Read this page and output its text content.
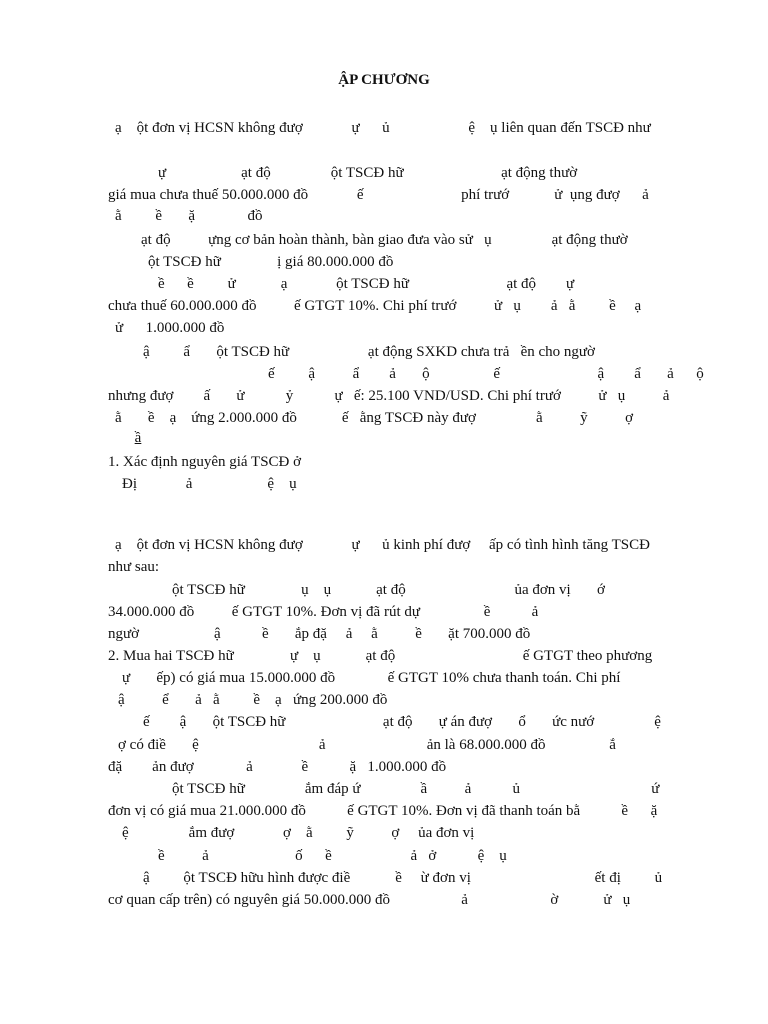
ẬP CHƯƠNG
ạ    ột đơn vị HCSN không đượ             ự      ủ                     ệ    ụ liên quan đến TSCĐ như
ự                    ạt độ                ột TSCĐ hữ                          ạt động thườ
giá mua chưa thuế 50.000.000 đồ             ế                          phí trướ            ử  ụng đượ      ả
ằ         ề       ặ              đồ
ạt độ          ựng cơ bản hoàn thành, bàn giao đưa vào sử   ụ                ạt động thườ
ột TSCĐ hữ               ị giá 80.000.000 đồ
ề      ề         ử            ạ             ột TSCĐ hữ                          ạt độ        ự
chưa thuế 60.000.000 đồ          ế GTGT 10%. Chi phí trướ          ử   ụ        ả   ằ         ề     ạ
ử      1.000.000 đồ
ậ         ẩ       ột TSCĐ hữ                     ạt động SXKD chưa trả   ền cho ngườ
ế         ậ          ẩ        ả       ộ                 ế                          ậ        ẩ       ả      ộ
nhưng đượ        ấ       ử           ỷ           ự   ế: 25.100 VND/USD. Chi phí trướ          ử   ụ          ả
ằ       ề    ạ    ứng 2.000.000 đồ            ế   ằng TSCĐ này đượ                ằ          ỹ          ợ
ầ
1. Xác định nguyên giá TSCĐ ở
Đị             ả                    ệ    ụ
ạ    ột đơn vị HCSN không đượ             ự      ủ kinh phí đượ     ấp có tình hình tăng TSCĐ
như sau:
ột TSCĐ hữ               ụ    ụ            ạt độ                             ủa đơn vị       ớ
34.000.000 đồ          ế GTGT 10%. Đơn vị đã rút dự                 ề           ả
ngườ                    ậ           ề       ắp đặ     ả     ằ          ề       ặt 700.000 đồ
2. Mua hai TSCĐ hữ               ự    ụ            ạt độ                                  ế GTGT theo phương
ự       ếp) có giá mua 15.000.000 đồ              ế GTGT 10% chưa thanh toán. Chi phí
ậ          ể       ả   ằ         ề    ạ   ứng 200.000 đồ
ế        ậ       ột TSCĐ hữ                          ạt độ       ự án đượ       ổ       ức nướ                ệ
ợ có điề       ệ                                ả                           ản là 68.000.000 đồ                 ắ
đặ        ản đượ              ả             ề           ặ   1.000.000 đồ
ột TSCĐ hữ                ắm đáp ứ                ầ          ả           ủ                                   ứ
đơn vị có giá mua 21.000.000 đồ           ế GTGT 10%. Đơn vị đã thanh toán bằ           ề      ặ
ệ                ắm đượ             ợ    ằ         ỹ          ợ     ủa đơn vị
ề          ả                       ố      ề                     ả   ở           ệ    ụ
ậ         ột TSCĐ hữu hình được điề            ề     ừ đơn vị                                 ết đị         ủ
cơ quan cấp trên) có nguyên giá 50.000.000 đồ                   ả                      ờ            ử   ụ
